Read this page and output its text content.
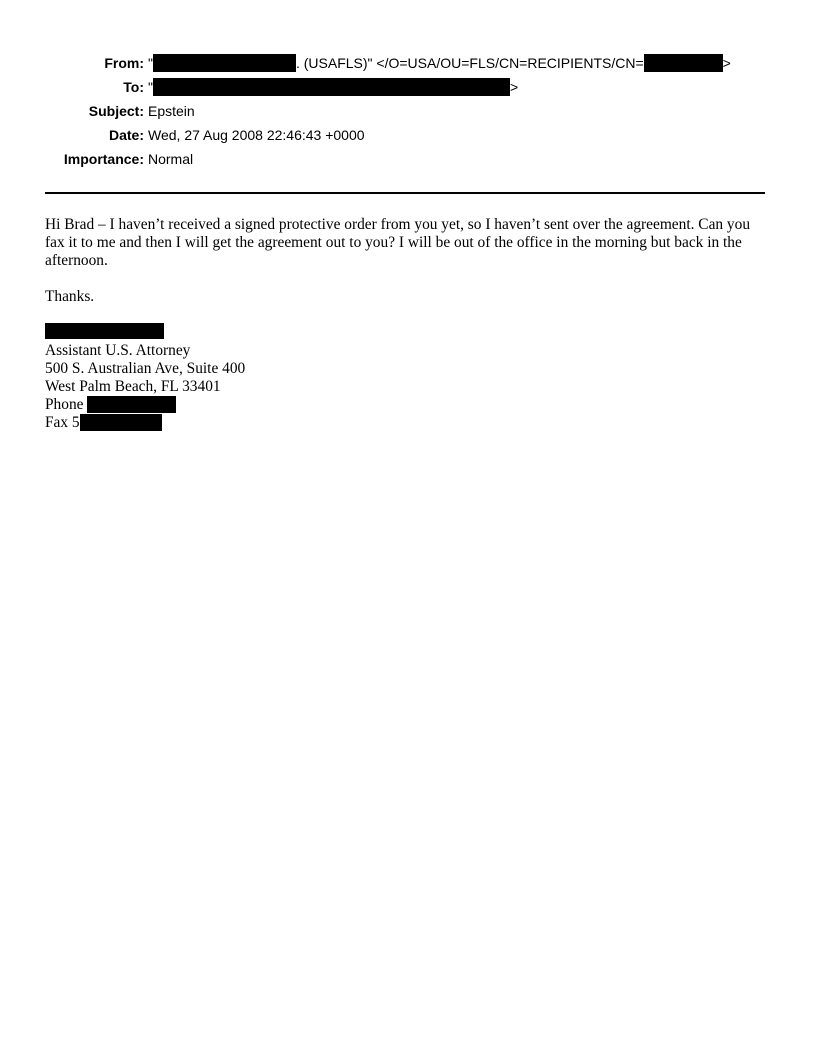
From: "	. (USAFLS)" </O=USA/OU=FLS/CN=RECIPIENTS/CN=	>
To: "	>
Subject: Epstein
Date: Wed, 27 Aug 2008 22:46:43 +0000
Importance: Normal

Hi Brad – I haven’t received a signed protective order from you yet, so I haven’t sent over the agreement. Can you fax it to me and then I will get the agreement out to you? I will be out of the office in the morning but back in the afternoon.

Thanks.

Assistant U.S. Attorney
500 S. Australian Ave, Suite 400
West Palm Beach, FL 33401
Phone
Fax 5
